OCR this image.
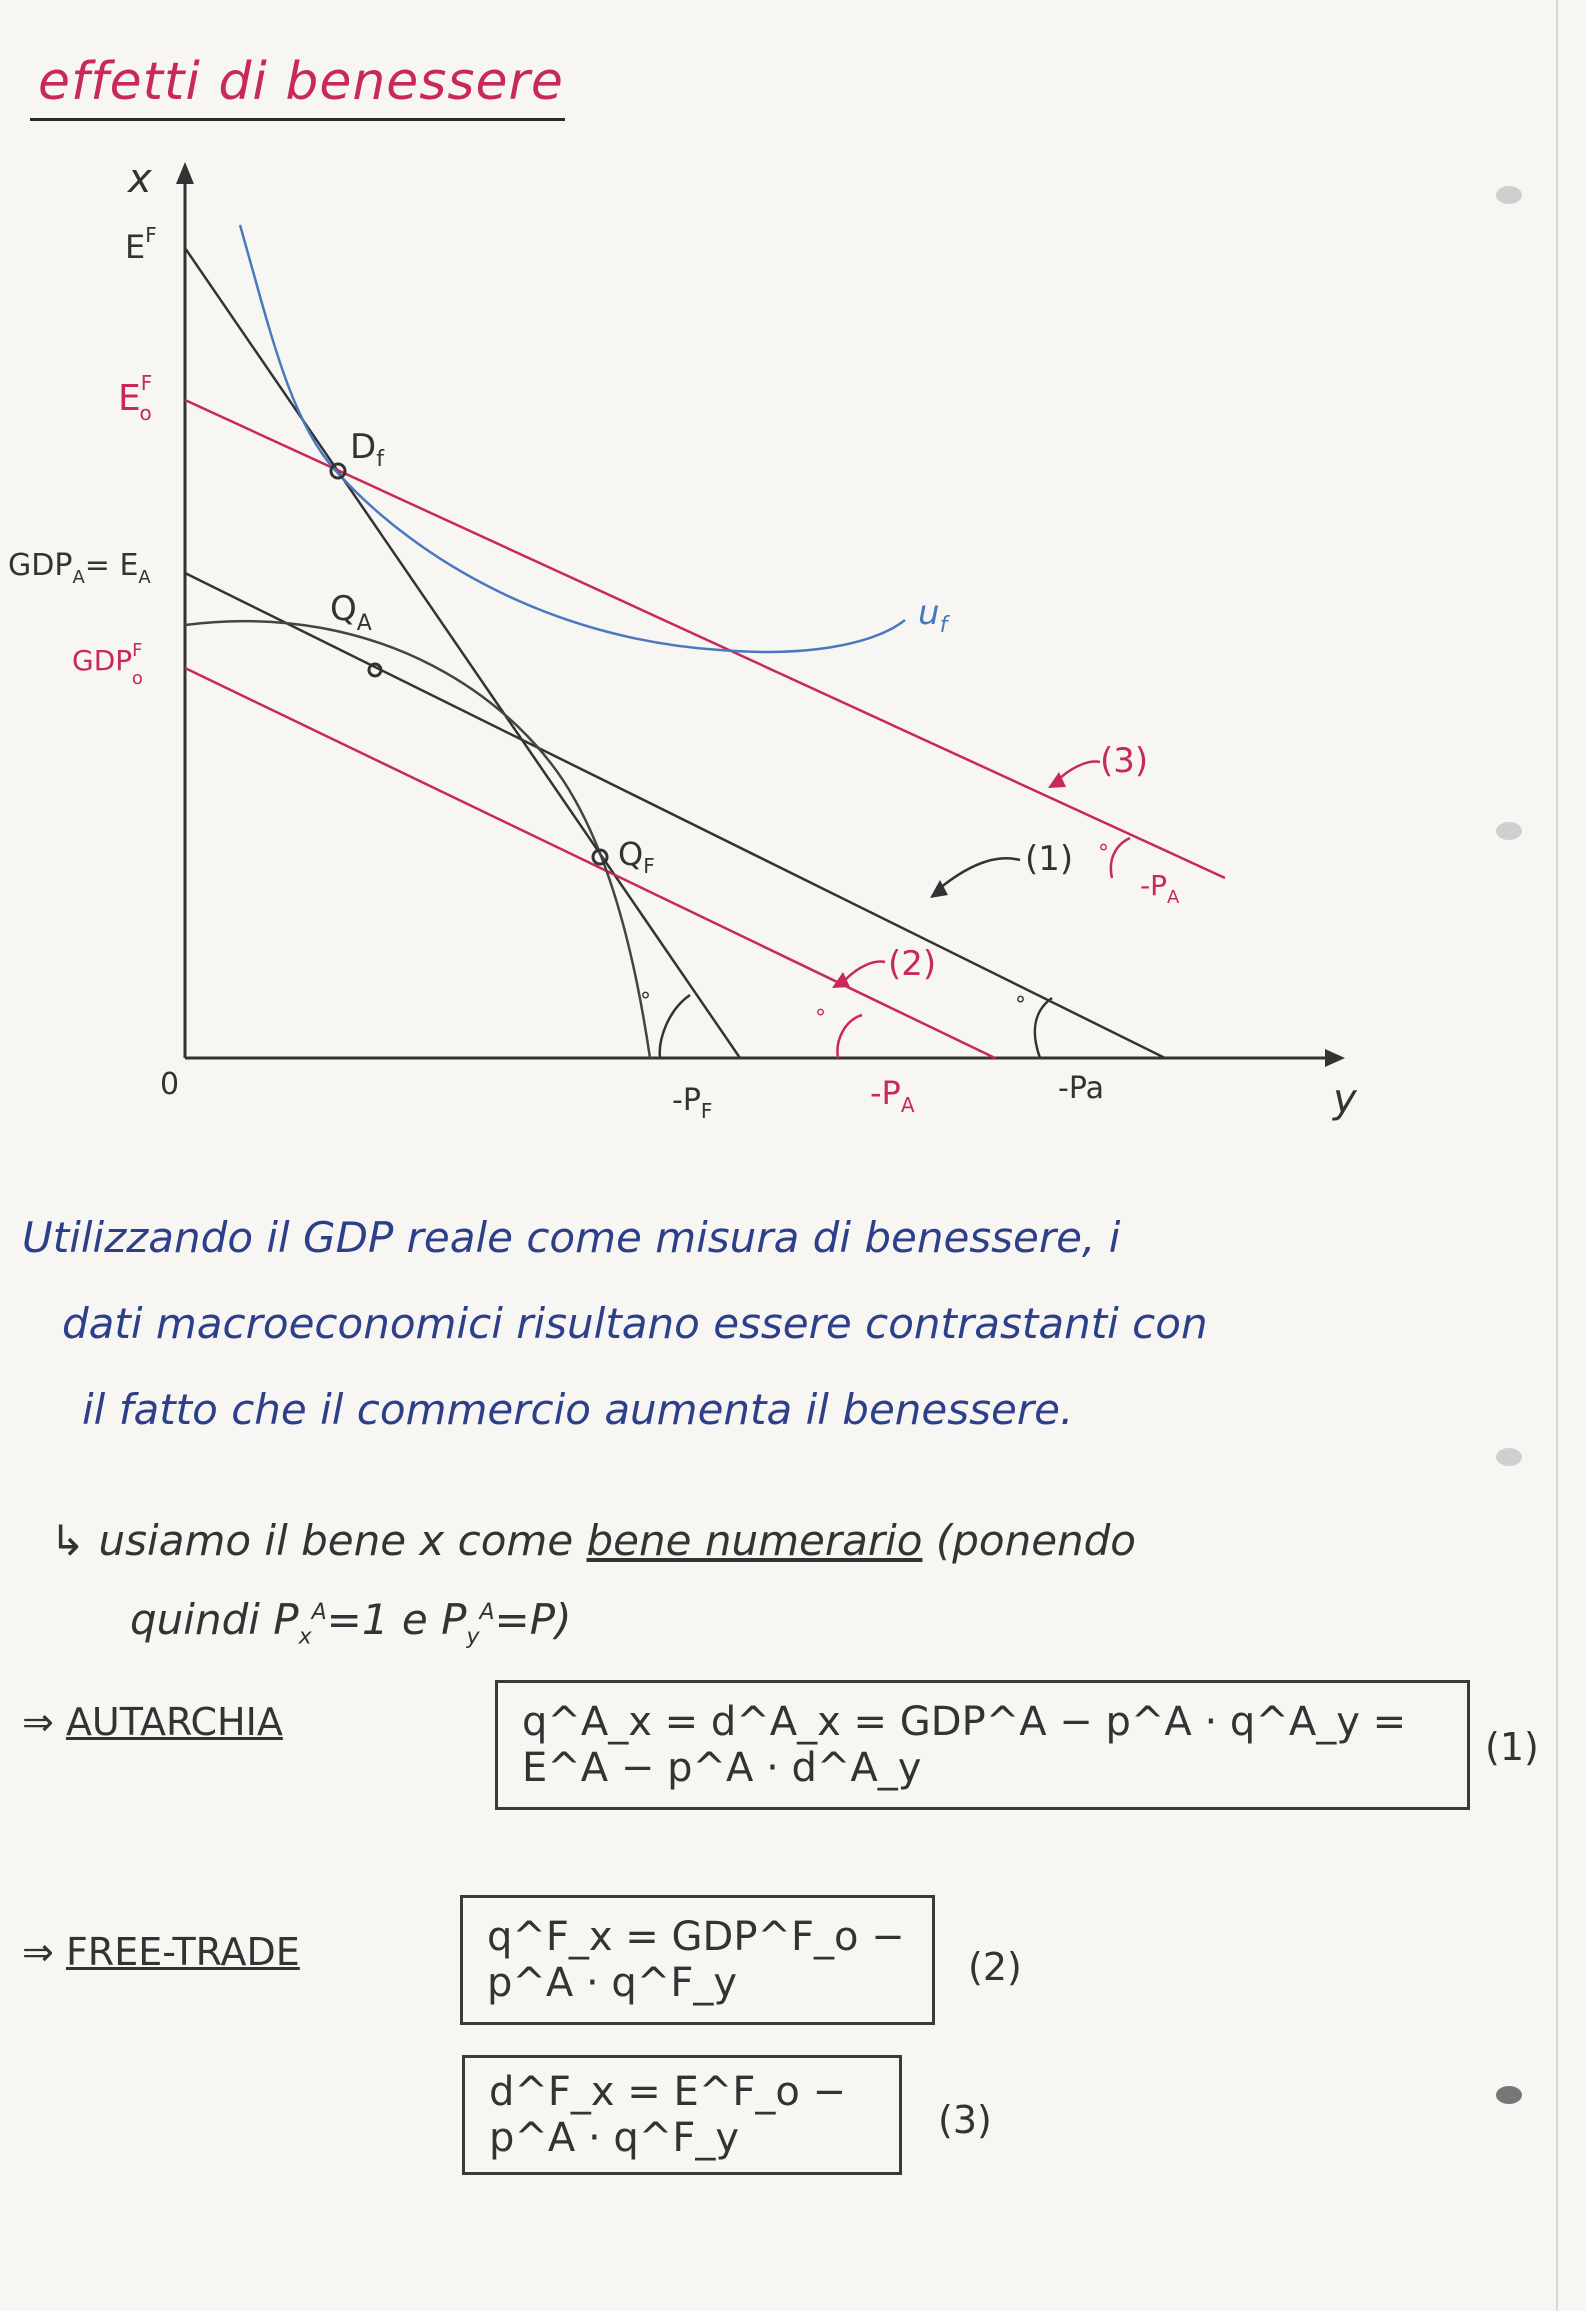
effetti di benessere
°
°
°
°
x
y
0
$E^F$
$E^F$ o
$GDP_A= E_A$
$GDP^F$ o
$D_f$
$Q_A$
$Q_F$
$u_f$
(1)
(2)
(3)
$-P_A$
$-P_F$	$-P_A$	-Pa
Utilizzando il GDP reale come misura di benessere, i
dati macroeconomici risultano essere contrastanti con
il fatto che il commercio aumenta il benessere.
↳ usiamo il bene x come bene numerario (ponendo
quindi $P_x^A=1$ e $P_y^A=P$)
⇒ AUTARCHIA	q^A_x = d^A_x = GDP^A − p^A · q^A_y = E^A − p^A · d^A_y	(1)
⇒ FREE-TRADE	q^F_x = GDP^F_o − p^A · q^F_y	(2)
d^F_x = E^F_o − p^A · q^F_y	(3)
